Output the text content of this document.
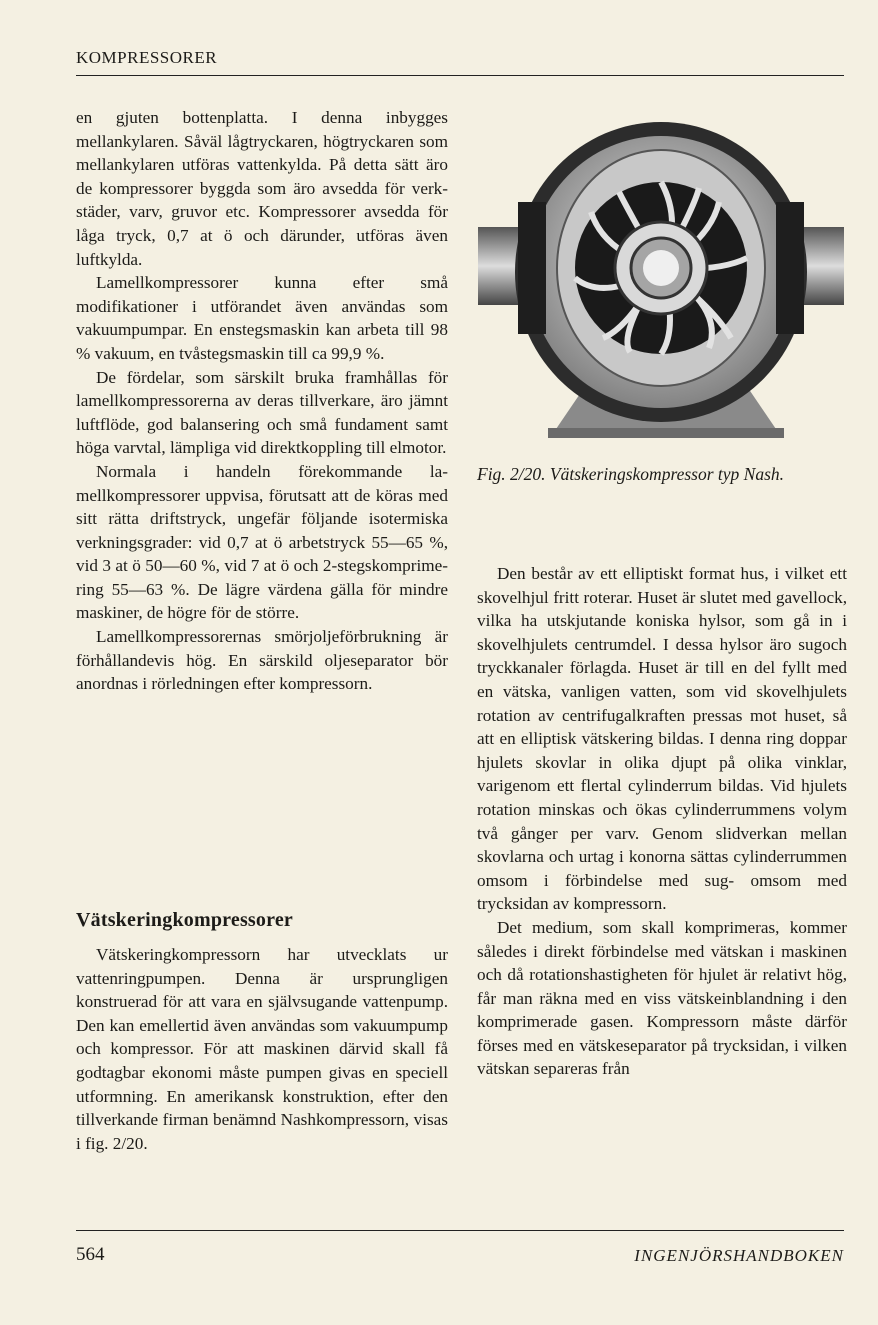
KOMPRESSORER

en gjuten bottenplatta. I denna inbygges mellankylaren. Såväl lågtryckaren, högtryckaren som mellankylaren utföras vattenkylda. På detta sätt äro de kompressorer byggda som äro avsedda för verkstäder, varv, gruvor etc. Kompressorer avsedda för låga tryck, 0,7 at ö och därunder, utföras även luftkylda.

Lamellkompressorer kunna efter små modifikationer i utförandet även användas som vakuumpumpar. En enstegsmaskin kan arbeta till 98 % vakuum, en tvåstegsmaskin till ca 99,9 %.

De fördelar, som särskilt bruka framhållas för lamellkompressorerna av deras tillverkare, äro jämnt luftflöde, god balansering och små fundament samt höga varvtal, lämpliga vid direktkoppling till elmotor.

Normala i handeln förekommande lamellkompressorer uppvisa, förutsatt att de köras med sitt rätta driftstryck, ungefär följande isotermiska verkningsgrader: vid 0,7 at ö arbetstryck 55—65 %, vid 3 at ö 50—60 %, vid 7 at ö och 2-stegskomprimering 55—63 %. De lägre värdena gälla för mindre maskiner, de högre för de större.

Lamellkompressorernas smörjoljeförbrukning är förhållandevis hög. En särskild oljeseparator bör anordnas i rörledningen efter kompressorn.

Vätskeringkompressorer

Vätskeringkompressorn har utvecklats ur vattenringpumpen. Denna är ursprungligen konstruerad för att vara en självsugande vattenpump. Den kan emellertid även användas som vakuumpump och kompressor. För att maskinen därvid skall få godtagbar ekonomi måste pumpen givas en speciell utformning. En amerikansk konstruktion, efter den tillverkande firman benämnd Nashkompressorn, visas i fig. 2/20.

Fig. 2/20. Vätskeringskompressor typ Nash.

Den består av ett elliptiskt format hus, i vilket ett skovelhjul fritt roterar. Huset är slutet med gavellock, vilka ha utskjutande koniska hylsor, som gå in i skovelhjulets centrumdel. I dessa hylsor äro sugoch tryckkanaler förlagda. Huset är till en del fyllt med en vätska, vanligen vatten, som vid skovelhjulets rotation av centrifugalkraften pressas mot huset, så att en elliptisk vätskering bildas. I denna ring doppar hjulets skovlar in olika djupt på olika vinklar, varigenom ett flertal cylinderrum bildas. Vid hjulets rotation minskas och ökas cylinderrummens volym två gånger per varv. Genom slidverkan mellan skovlarna och urtag i konorna sättas cylinderrummen omsom i förbindelse med sug- omsom med trycksidan av kompressorn.

Det medium, som skall komprimeras, kommer således i direkt förbindelse med vätskan i maskinen och då rotationshastigheten för hjulet är relativt hög, får man räkna med en viss vätskeinblandning i den komprimerade gasen. Kompressorn måste därför förses med en vätskeseparator på trycksidan, i vilken vätskan separeras från

564	INGENJÖRSHANDBOKEN
